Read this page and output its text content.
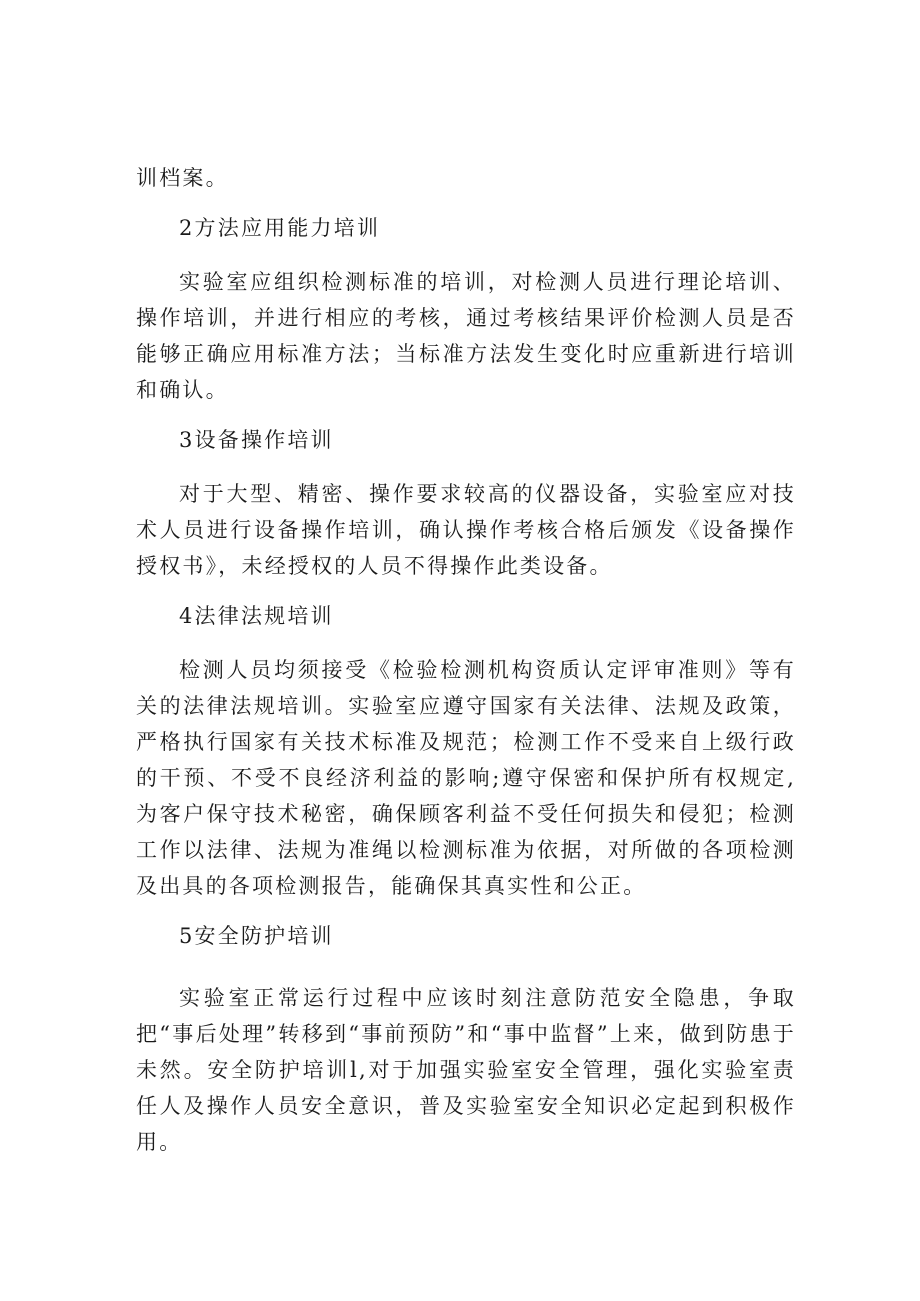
训档案。

2方法应用能力培训

实验室应组织检测标准的培训，对检测人员进行理论培训、操作培训，并进行相应的考核，通过考核结果评价检测人员是否能够正确应用标准方法；当标准方法发生变化时应重新进行培训和确认。

3设备操作培训

对于大型、精密、操作要求较高的仪器设备，实验室应对技术人员进行设备操作培训，确认操作考核合格后颁发《设备操作授权书》，未经授权的人员不得操作此类设备。

4法律法规培训

检测人员均须接受《检验检测机构资质认定评审准则》等有关的法律法规培训。实验室应遵守国家有关法律、法规及政策，严格执行国家有关技术标准及规范；检测工作不受来自上级行政的干预、不受不良经济利益的影响;遵守保密和保护所有权规定,为客户保守技术秘密，确保顾客利益不受任何损失和侵犯；检测工作以法律、法规为准绳以检测标准为依据，对所做的各项检测及出具的各项检测报告，能确保其真实性和公正。

5安全防护培训

实验室正常运行过程中应该时刻注意防范安全隐患，争取把“事后处理”转移到“事前预防”和“事中监督”上来，做到防患于未然。安全防护培训l,对于加强实验室安全管理，强化实验室责任人及操作人员安全意识，普及实验室安全知识必定起到积极作用。
